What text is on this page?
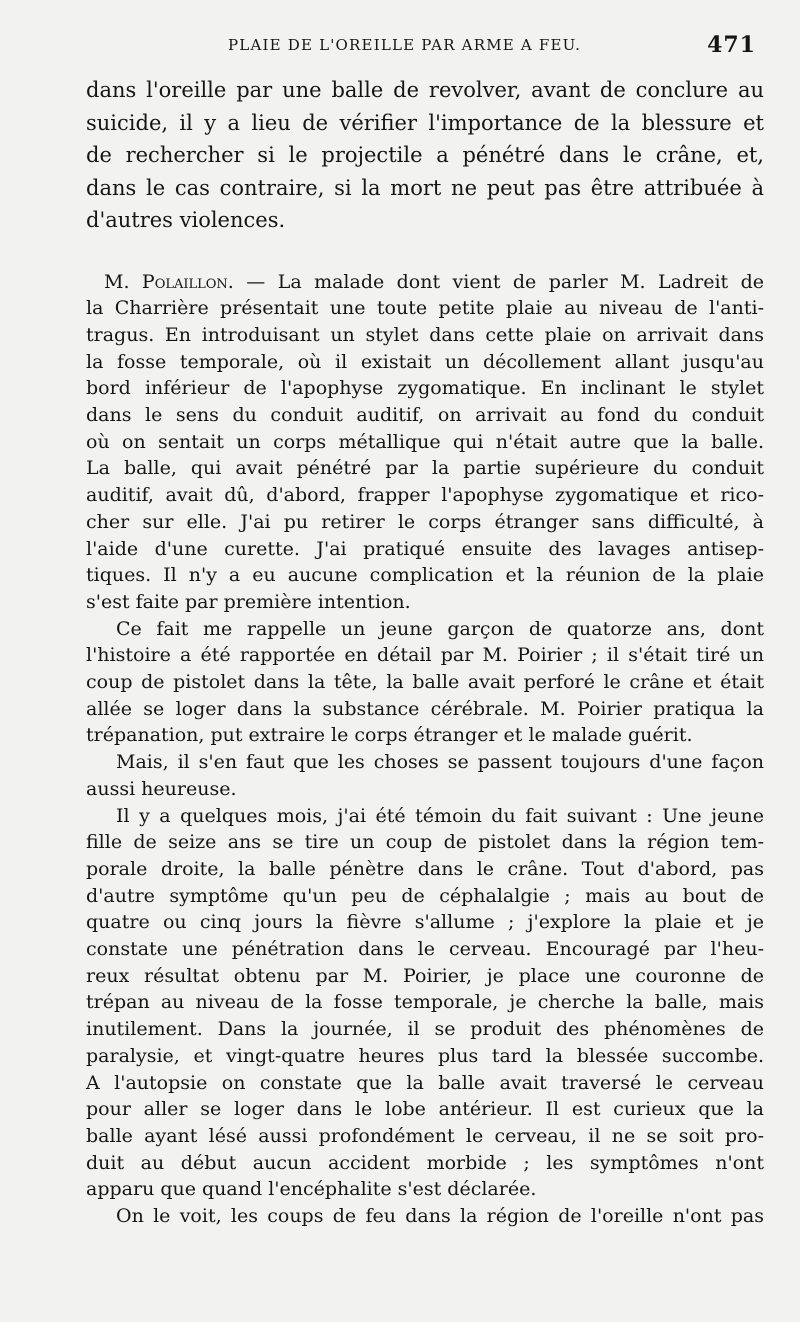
PLAIE DE L'OREILLE PAR ARME A FEU.	471

dans l'oreille par une balle de revolver, avant de conclure au

suicide, il y a lieu de vérifier l'importance de la blessure et

de rechercher si le projectile a pénétré dans le crâne, et,

dans le cas contraire, si la mort ne peut pas être attribuée à

d'autres violences.

M. Polaillon. — La malade dont vient de parler M. Ladreit de

la Charrière présentait une toute petite plaie au niveau de l'anti-

tragus. En introduisant un stylet dans cette plaie on arrivait dans

la fosse temporale, où il existait un décollement allant jusqu'au

bord inférieur de l'apophyse zygomatique. En inclinant le stylet

dans le sens du conduit auditif, on arrivait au fond du conduit

où on sentait un corps métallique qui n'était autre que la balle.

La balle, qui avait pénétré par la partie supérieure du conduit

auditif, avait dû, d'abord, frapper l'apophyse zygomatique et rico-

cher sur elle. J'ai pu retirer le corps étranger sans difficulté, à

l'aide d'une curette. J'ai pratiqué ensuite des lavages antisep-

tiques. Il n'y a eu aucune complication et la réunion de la plaie

s'est faite par première intention.

Ce fait me rappelle un jeune garçon de quatorze ans, dont

l'histoire a été rapportée en détail par M. Poirier ; il s'était tiré un

coup de pistolet dans la tête, la balle avait perforé le crâne et était

allée se loger dans la substance cérébrale. M. Poirier pratiqua la

trépanation, put extraire le corps étranger et le malade guérit.

Mais, il s'en faut que les choses se passent toujours d'une façon

aussi heureuse.

Il y a quelques mois, j'ai été témoin du fait suivant : Une jeune

fille de seize ans se tire un coup de pistolet dans la région tem-

porale droite, la balle pénètre dans le crâne. Tout d'abord, pas

d'autre symptôme qu'un peu de céphalalgie ; mais au bout de

quatre ou cinq jours la fièvre s'allume ; j'explore la plaie et je

constate une pénétration dans le cerveau. Encouragé par l'heu-

reux résultat obtenu par M. Poirier, je place une couronne de

trépan au niveau de la fosse temporale, je cherche la balle, mais

inutilement. Dans la journée, il se produit des phénomènes de

paralysie, et vingt-quatre heures plus tard la blessée succombe.

A l'autopsie on constate que la balle avait traversé le cerveau

pour aller se loger dans le lobe antérieur. Il est curieux que la

balle ayant lésé aussi profondément le cerveau, il ne se soit pro-

duit au début aucun accident morbide ; les symptômes n'ont

apparu que quand l'encéphalite s'est déclarée.

On le voit, les coups de feu dans la région de l'oreille n'ont pas
